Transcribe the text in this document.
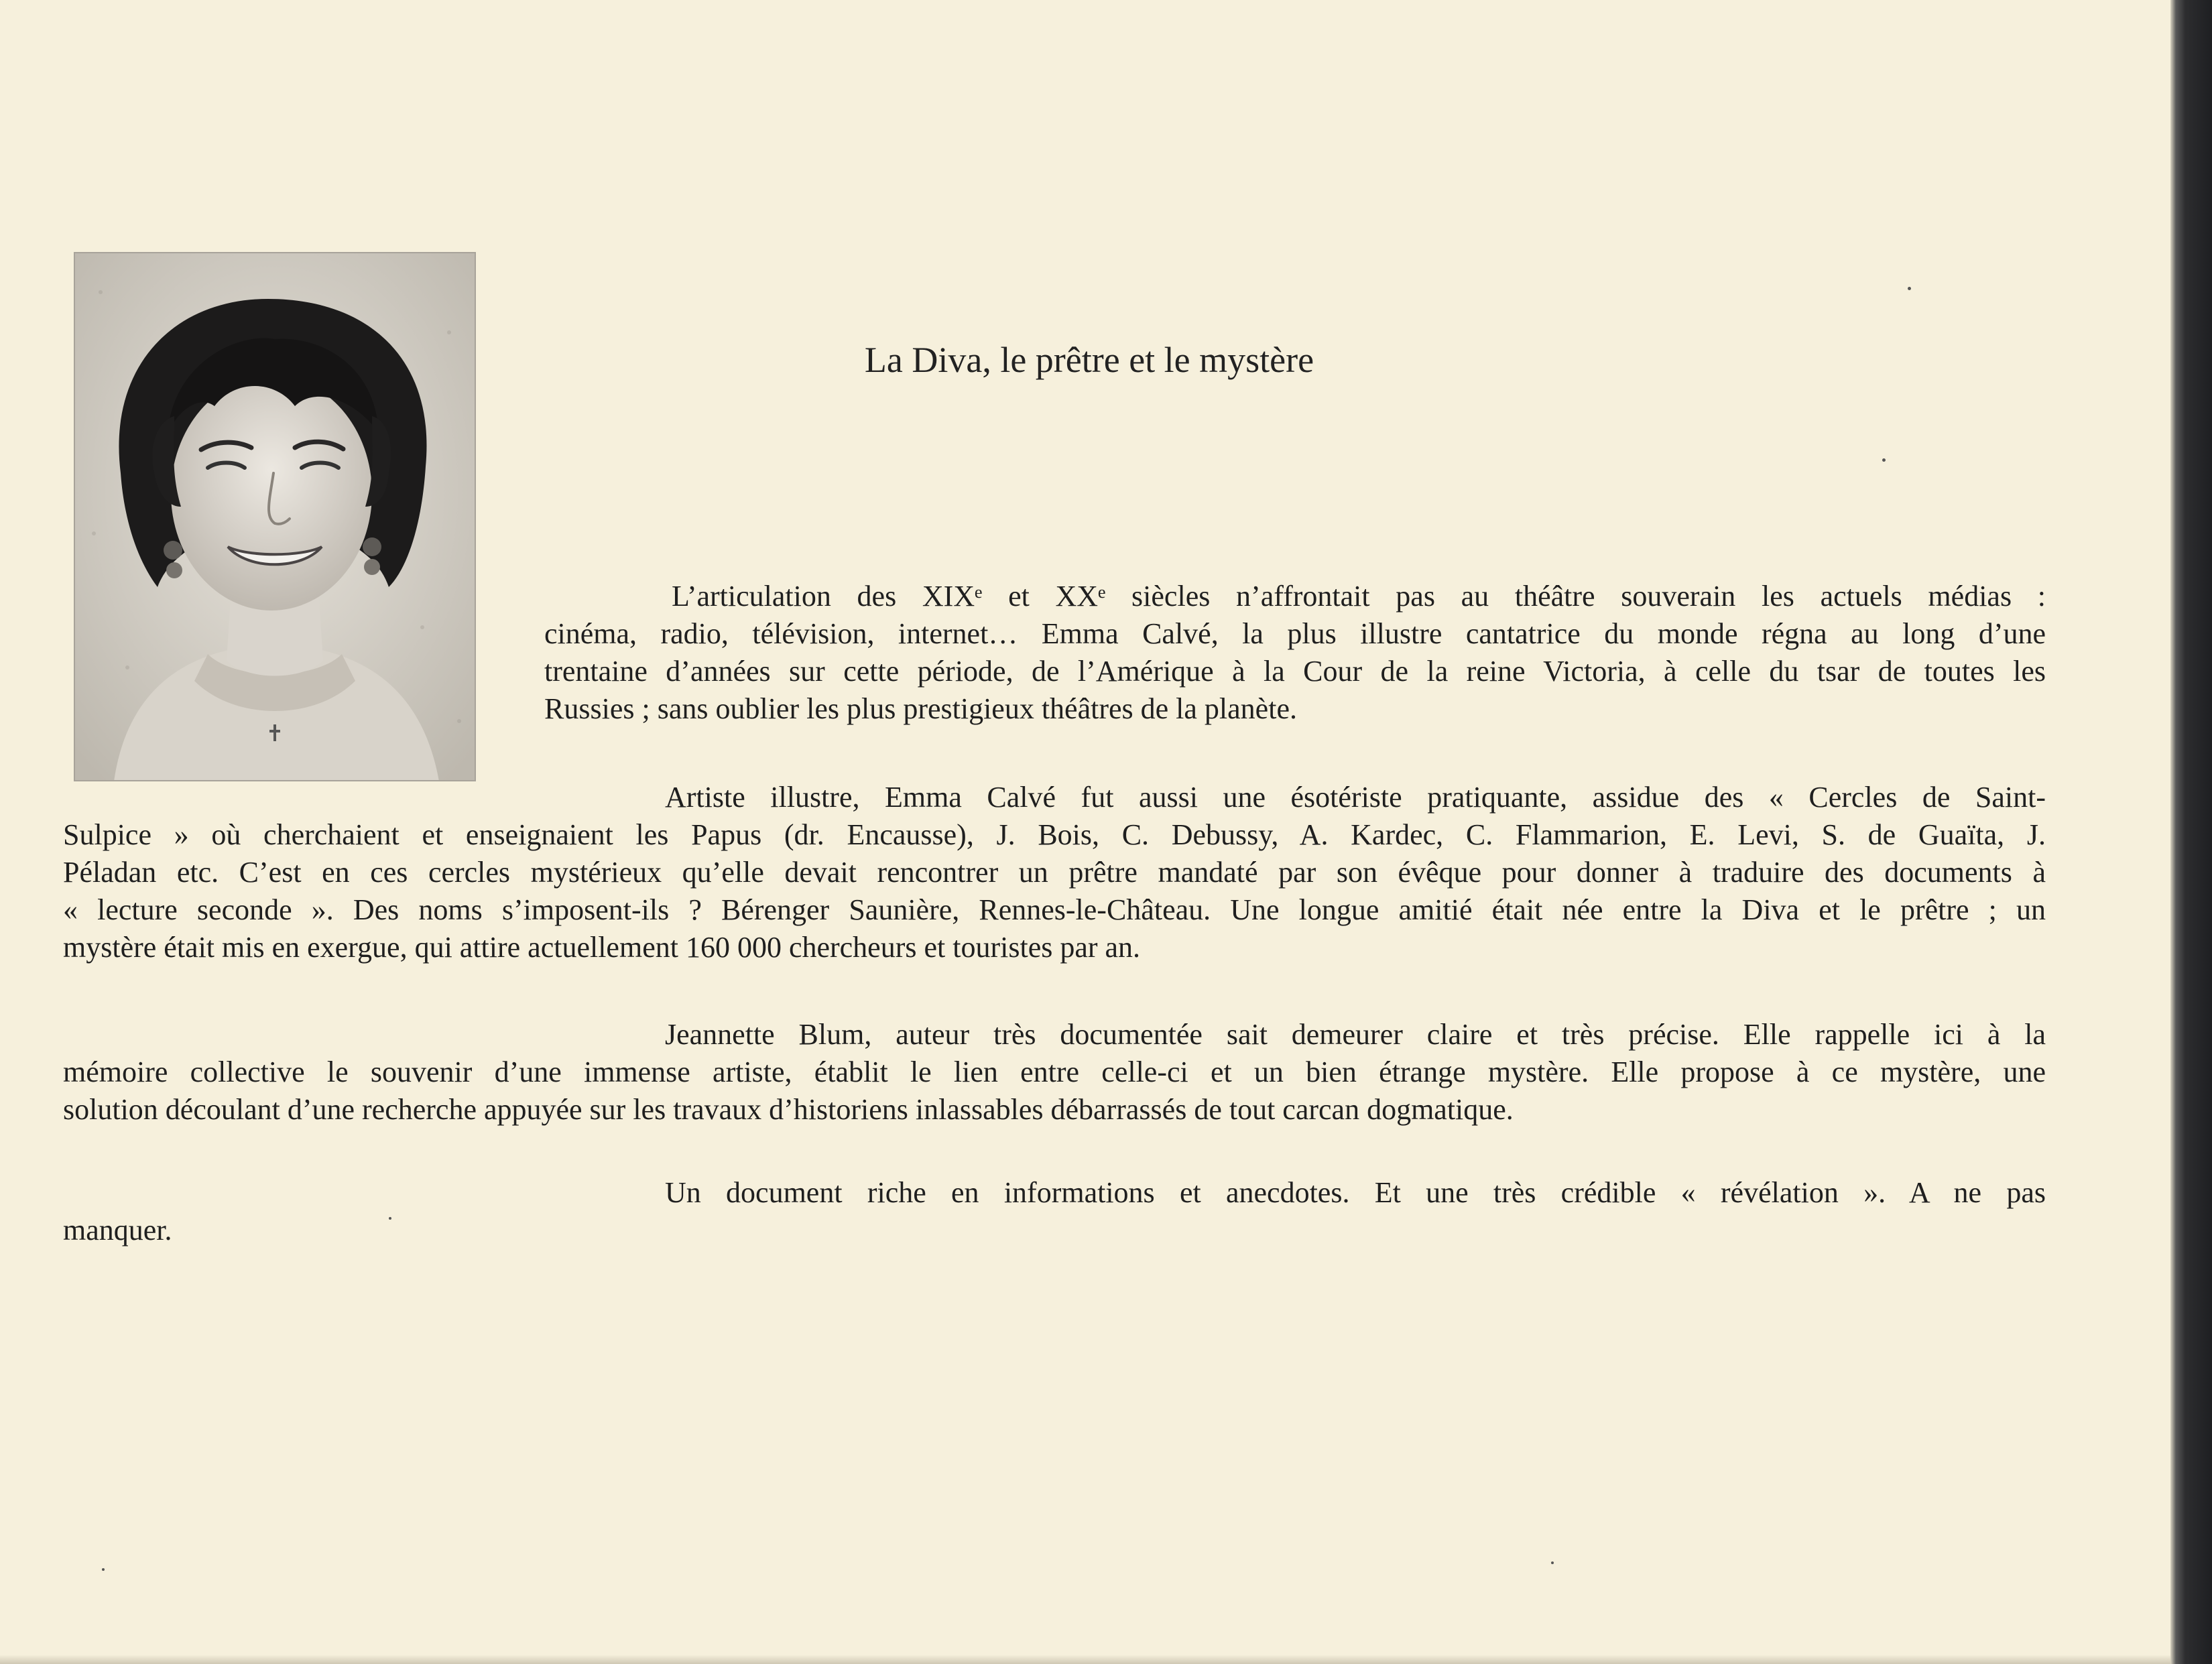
La Diva, le prêtre et le mystère

L’articulation des XIXᵉ et XXᵉ siècles n’affrontait pas au théâtre souverain les actuels médias :
cinéma, radio, télévision, internet… Emma Calvé, la plus illustre cantatrice du monde régna au long d’une
trentaine d’années sur cette période, de l’Amérique à la Cour de la reine Victoria, à celle du tsar de toutes les
Russies ; sans oublier les plus prestigieux théâtres de la planète.

Artiste illustre, Emma Calvé fut aussi une ésotériste pratiquante, assidue des « Cercles de Saint-
Sulpice » où cherchaient et enseignaient les Papus (dr. Encausse), J. Bois, C. Debussy, A. Kardec, C. Flammarion, E. Levi, S. de Guaïta, J.
Péladan etc. C’est en ces cercles mystérieux qu’elle devait rencontrer un prêtre mandaté par son évêque pour donner à traduire des documents à
« lecture seconde ». Des noms s’imposent-ils ? Bérenger Saunière, Rennes-le-Château. Une longue amitié était née entre la Diva et le prêtre ; un
mystère était mis en exergue, qui attire actuellement 160 000 chercheurs et touristes par an.

Jeannette Blum, auteur très documentée sait demeurer claire et très précise. Elle rappelle ici à la
mémoire collective le souvenir d’une immense artiste, établit le lien entre celle-ci et un bien étrange mystère. Elle propose à ce mystère, une
solution découlant d’une recherche appuyée sur les travaux d’historiens inlassables débarrassés de tout carcan dogmatique.

Un document riche en informations et anecdotes. Et une très crédible « révélation ». A ne pas
manquer.
